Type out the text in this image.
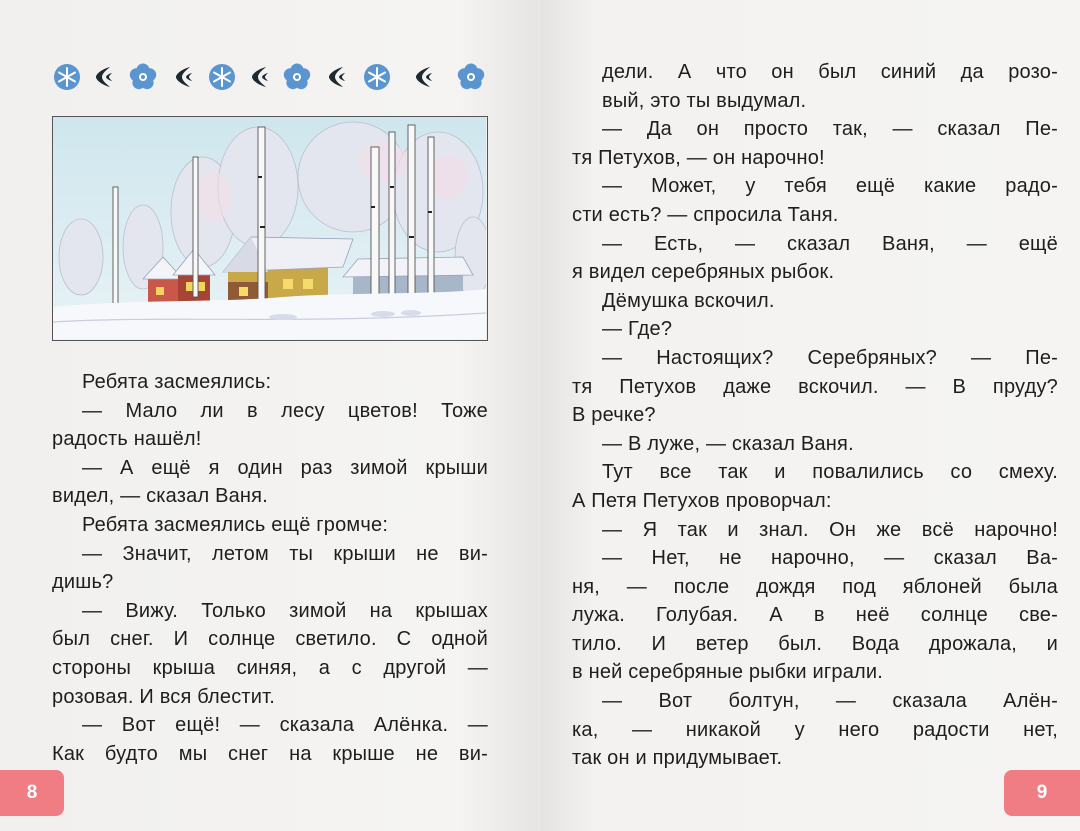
Ребята засмеялись:
— Мало ли в лесу цветов! Тоже
радость нашёл!
— А ещё я один раз зимой крыши
видел, — сказал Ваня.
Ребята засмеялись ещё громче:
— Значит, летом ты крыши не ви-
дишь?
— Вижу. Только зимой на крышах
был снег. И солнце светило. С одной
стороны крыша синяя, а с другой —
розовая. И вся блестит.
— Вот ещё! — сказала Алёнка. —
Как будто мы снег на крыше не ви-
8
дели. А что он был синий да розо-
вый, это ты выдумал.
— Да он просто так, — сказал Пе-
тя Петухов, — он нарочно!
— Может, у тебя ещё какие радо-
сти есть? — спросила Таня.
— Есть, — сказал Ваня, — ещё
я видел серебряных рыбок.
Дёмушка вскочил.
— Где?
— Настоящих? Серебряных? — Пе-
тя Петухов даже вскочил. — В пруду?
В речке?
— В луже, — сказал Ваня.
Тут все так и повалились со смеху.
А Петя Петухов проворчал:
— Я так и знал. Он же всё нарочно!
— Нет, не нарочно, — сказал Ва-
ня, — после дождя под яблоней была
лужа. Голубая. А в неё солнце све-
тило. И ветер был. Вода дрожала, и
в ней серебряные рыбки играли.
— Вот болтун, — сказала Алён-
ка, — никакой у него радости нет,
так он и придумывает.
9
